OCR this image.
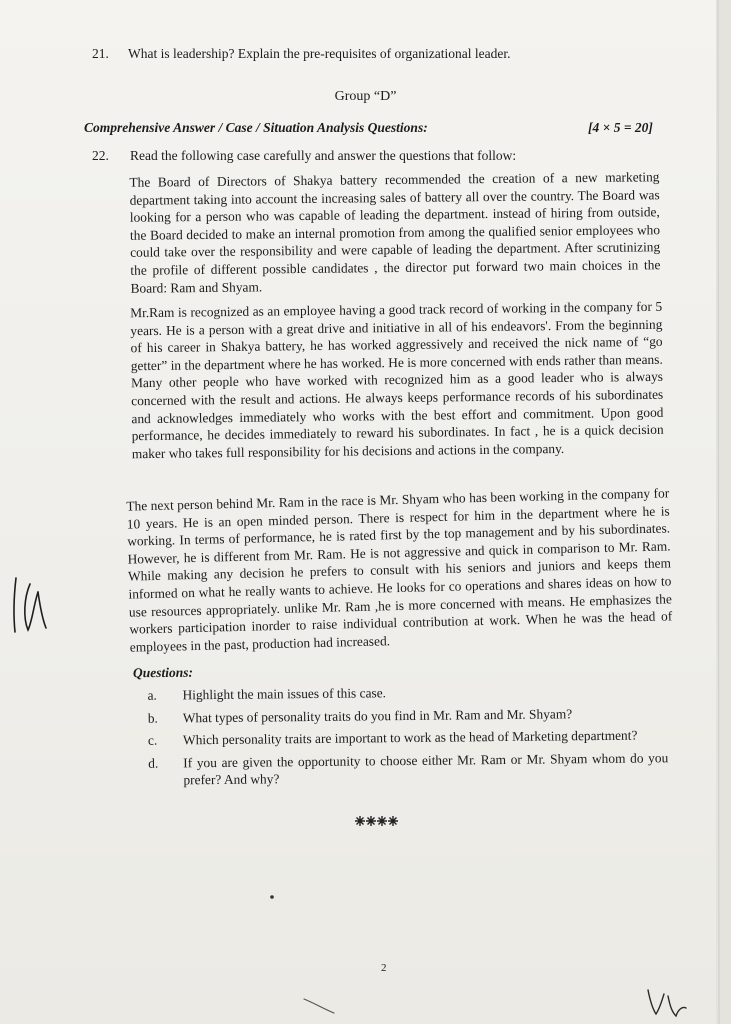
21. What is leadership? Explain the pre-requisites of organizational leader.
Group “D”
Comprehensive Answer / Case / Situation Analysis Questions:	[4 × 5 = 20]
22. Read the following case carefully and answer the questions that follow:

The Board of Directors of Shakya battery recommended the creation of a new marketing department taking into account the increasing sales of battery all over the country. The Board was looking for a person who was capable of leading the department. instead of hiring from outside, the Board decided to make an internal promotion from among the qualified senior employees who could take over the responsibility and were capable of leading the department. After scrutinizing the profile of different possible candidates , the director put forward two main choices in the Board: Ram and Shyam.

Mr.Ram is recognized as an employee having a good track record of working in the company for 5 years. He is a person with a great drive and initiative in all of his endeavors'. From the beginning of his career in Shakya battery, he has worked aggressively and received the nick name of “go getter” in the department where he has worked. He is more concerned with ends rather than means. Many other people who have worked with recognized him as a good leader who is always concerned with the result and actions. He always keeps performance records of his subordinates and acknowledges immediately who works with the best effort and commitment. Upon good performance, he decides immediately to reward his subordinates. In fact , he is a quick decision maker who takes full responsibility for his decisions and actions in the company.

The next person behind Mr. Ram in the race is Mr. Shyam who has been working in the company for 10 years. He is an open minded person. There is respect for him in the department where he is working. In terms of performance, he is rated first by the top management and by his subordinates. However, he is different from Mr. Ram. He is not aggressive and quick in comparison to Mr. Ram. While making any decision he prefers to consult with his seniors and juniors and keeps them informed on what he really wants to achieve. He looks for co operations and shares ideas on how to use resources appropriately. unlike Mr. Ram ,he is more concerned with means. He emphasizes the workers participation inorder to raise individual contribution at work. When he was the head of employees in the past, production had increased.

Questions:
a.	Highlight the main issues of this case.
b.	What types of personality traits do you find in Mr. Ram and Mr. Shyam?
c.	Which personality traits are important to work as the head of Marketing department?
d.	If you are given the opportunity to choose either Mr. Ram or Mr. Shyam whom do you prefer? And why?
2
